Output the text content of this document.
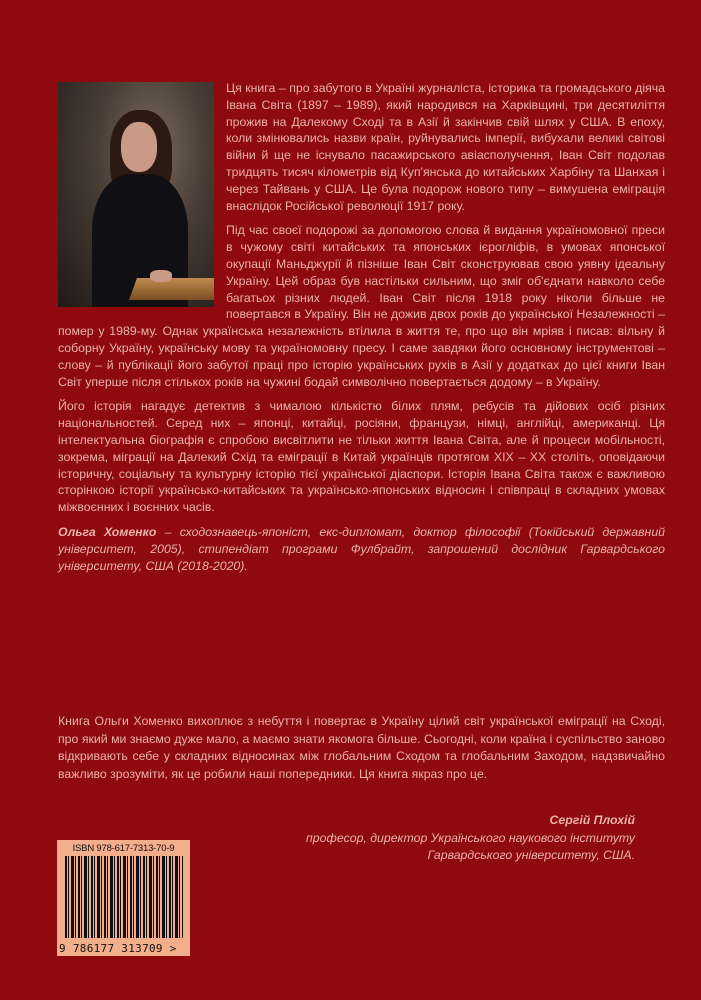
Ця книга – про забутого в Україні журналіста, історика та громадського діяча Івана Світа (1897 – 1989), який народився на Харківщині, три десятиліття прожив на Далекому Сході та в Азії й закінчив свій шлях у США. В епоху, коли змінювались назви країн, руйнувались імперії, вибухали великі світові війни й ще не існувало пасажирського авіасполучення, Іван Світ подолав тридцять тисяч кілометрів від Куп'янська до китайських Харбіну та Шанхая і через Тайвань у США. Це була подорож нового типу – вимушена еміграція внаслідок Російської революції 1917 року.

Під час своєї подорожі за допомогою слова й видання україномовної преси в чужому світі китайських та японських ієрогліфів, в умовах японської окупації Маньджурії й пізніше Іван Світ сконструював свою уявну ідеальну Україну. Цей образ був настільки сильним, що зміг об'єднати навколо себе багатьох різних людей. Іван Світ після 1918 року ніколи більше не повертався в Україну. Він не дожив двох років до української Незалежності – помер у 1989-му. Однак українська незалежність втілила в життя те, про що він мріяв і писав: вільну й соборну Україну, українську мову та україномовну пресу. І саме завдяки його основному інструментові – слову – й публікації його забутої праці про історію українських рухів в Азії у додатках до цієї книги Іван Світ уперше після стількох років на чужині бодай символічно повертається додому – в Україну.

Його історія нагадує детектив з чималою кількістю білих плям, ребусів та дійових осіб різних національностей. Серед них – японці, китайці, росіяни, французи, німці, англійці, американці. Ця інтелектуальна біографія є спробою висвітлити не тільки життя Івана Світа, але й процеси мобільності, зокрема, міграції на Далекий Схід та еміграції в Китай українців протягом XIX – XX століть, оповідаючи історичну, соціальну та культурну історію тієї української діаспори. Історія Івана Світа також є важливою сторінкою історії українсько-китайських та українсько-японських відносин і співпраці в складних умовах міжвоєнних і воєнних часів.

Ольга Хоменко – сходознавець-японіст, екс-дипломат, доктор філософії (Токійський державний університет, 2005), стипендіат програми Фулбрайт, запрошений дослідник Гарвардського університету, США (2018-2020).

Книга Ольги Хоменко вихоплює з небуття і повертає в Україну цілий світ української еміграції на Сході, про який ми знаємо дуже мало, а маємо знати якомога більше. Сьогодні, коли країна і суспільство заново відкривають себе у складних відносинах між глобальним Сходом та глобальним Заходом, надзвичайно важливо зрозуміти, як це робили наші попередники. Ця книга якраз про це.
Сергій Плохій
професор, директор Українського наукового інституту
Гарвардського університету, США.
ISBN 978-617-7313-70-9
9 786177 313709 >
